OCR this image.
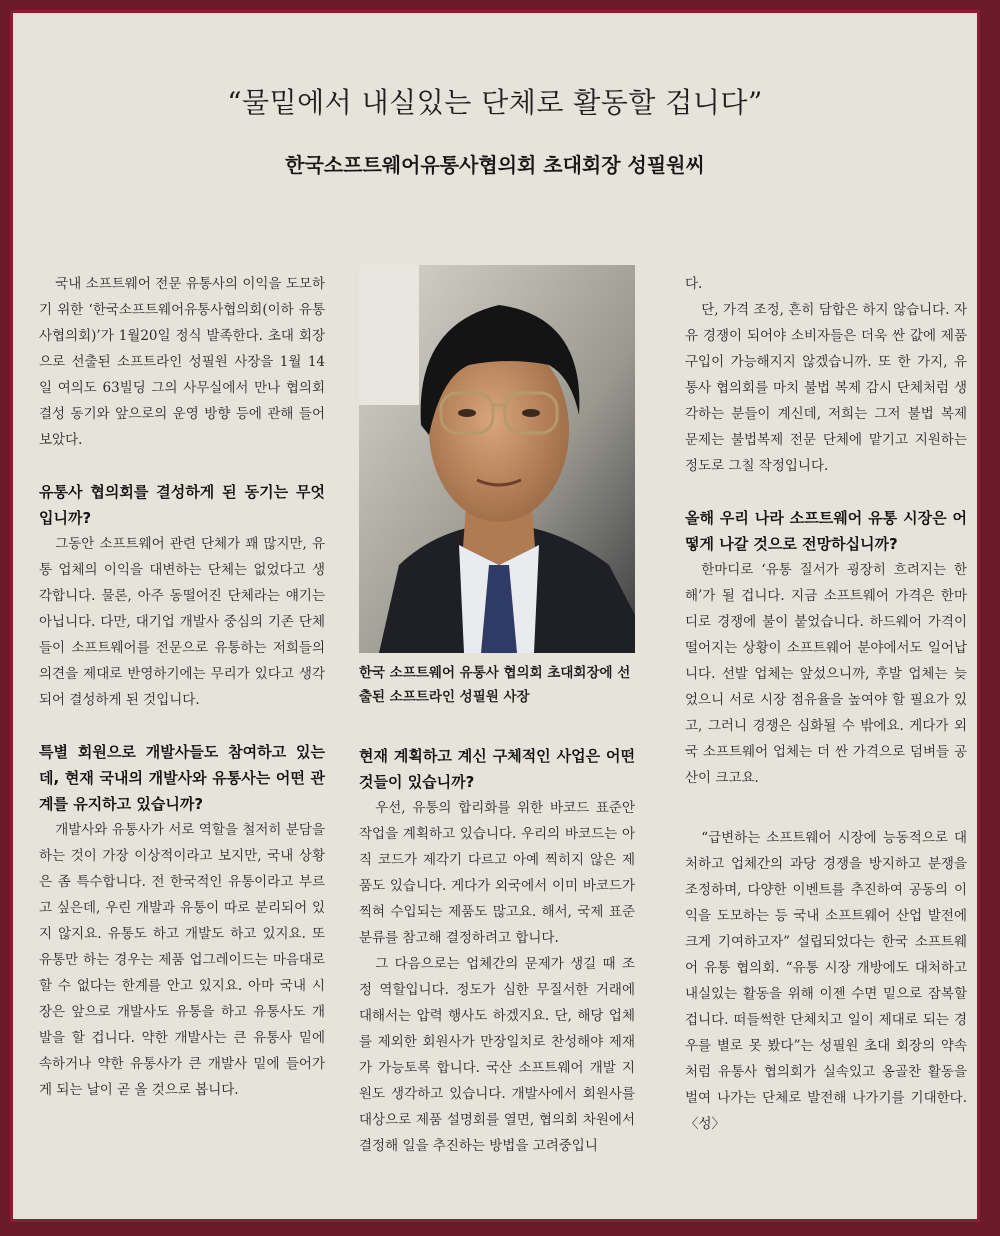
“물밑에서 내실있는 단체로 활동할 겁니다”
한국소프트웨어유통사협의회 초대회장 성필원씨

국내 소프트웨어 전문 유통사의 이익을 도모하기 위한 ‘한국소프트웨어유통사협의회(이하 유통사협의회)’가 1월20일 정식 발족한다. 초대 회장으로 선출된 소프트라인 성필원 사장을 1월 14일 여의도 63빌딩 그의 사무실에서 만나 협의회 결성 동기와 앞으로의 운영 방향 등에 관해 들어보았다.

유통사 협의회를 결성하게 된 동기는 무엇입니까?

그동안 소프트웨어 관련 단체가 꽤 많지만, 유통 업체의 이익을 대변하는 단체는 없었다고 생각합니다. 물론, 아주 동떨어진 단체라는 얘기는 아닙니다. 다만, 대기업 개발사 중심의 기존 단체들이 소프트웨어를 전문으로 유통하는 저희들의 의견을 제대로 반영하기에는 무리가 있다고 생각되어 결성하게 된 것입니다.

특별 회원으로 개발사들도 참여하고 있는데, 현재 국내의 개발사와 유통사는 어떤 관계를 유지하고 있습니까?

개발사와 유통사가 서로 역할을 철저히 분담을 하는 것이 가장 이상적이라고 보지만, 국내 상황은 좀 특수합니다. 전 한국적인 유통이라고 부르고 싶은데, 우린 개발과 유통이 따로 분리되어 있지 않지요. 유통도 하고 개발도 하고 있지요. 또 유통만 하는 경우는 제품 업그레이드는 마음대로 할 수 없다는 한계를 안고 있지요. 아마 국내 시장은 앞으로 개발사도 유통을 하고 유통사도 개발을 할 겁니다. 약한 개발사는 큰 유통사 밑에 속하거나 약한 유통사가 큰 개발사 밑에 들어가게 되는 날이 곧 올 것으로 봅니다.

한국 소프트웨어 유통사 협의회 초대회장에 선출된 소프트라인 성필원 사장

현재 계획하고 계신 구체적인 사업은 어떤 것들이 있습니까?

우선, 유통의 합리화를 위한 바코드 표준안 작업을 계획하고 있습니다. 우리의 바코드는 아직 코드가 제각기 다르고 아예 찍히지 않은 제품도 있습니다. 게다가 외국에서 이미 바코드가 찍혀 수입되는 제품도 많고요. 해서, 국제 표준 분류를 참고해 결정하려고 합니다.

그 다음으로는 업체간의 문제가 생길 때 조정 역할입니다. 정도가 심한 무질서한 거래에 대해서는 압력 행사도 하겠지요. 단, 해당 업체를 제외한 회원사가 만장일치로 찬성해야 제재가 가능토록 합니다. 국산 소프트웨어 개발 지원도 생각하고 있습니다. 개발사에서 회원사를 대상으로 제품 설명회를 열면, 협의회 차원에서 결정해 일을 추진하는 방법을 고려중입니

다.

단, 가격 조정, 흔히 담합은 하지 않습니다. 자유 경쟁이 되어야 소비자들은 더욱 싼 값에 제품 구입이 가능해지지 않겠습니까. 또 한 가지, 유통사 협의회를 마치 불법 복제 감시 단체처럼 생각하는 분들이 계신데, 저희는 그저 불법 복제 문제는 불법복제 전문 단체에 맡기고 지원하는 정도로 그칠 작정입니다.

올해 우리 나라 소프트웨어 유통 시장은 어떻게 나갈 것으로 전망하십니까?

한마디로 ‘유통 질서가 굉장히 흐려지는 한 해’가 될 겁니다. 지금 소프트웨어 가격은 한마디로 경쟁에 불이 붙었습니다. 하드웨어 가격이 떨어지는 상황이 소프트웨어 분야에서도 일어납니다. 선발 업체는 앞섰으니까, 후발 업체는 늦었으니 서로 시장 점유율을 높여야 할 필요가 있고, 그러니 경쟁은 심화될 수 밖에요. 게다가 외국 소프트웨어 업체는 더 싼 가격으로 덤벼들 공산이 크고요.

“급변하는 소프트웨어 시장에 능동적으로 대처하고 업체간의 과당 경쟁을 방지하고 분쟁을 조정하며, 다양한 이벤트를 추진하여 공동의 이익을 도모하는 등 국내 소프트웨어 산업 발전에 크게 기여하고자” 설립되었다는 한국 소프트웨어 유통 협의회. “유통 시장 개방에도 대처하고 내실있는 활동을 위해 이젠 수면 밑으로 잠복할 겁니다. 떠들썩한 단체치고 일이 제대로 되는 경우를 별로 못 봤다”는 성필원 초대 회장의 약속처럼 유통사 협의회가 실속있고 옹골찬 활동을 벌여 나가는 단체로 발전해 나가기를 기대한다.〈성〉
